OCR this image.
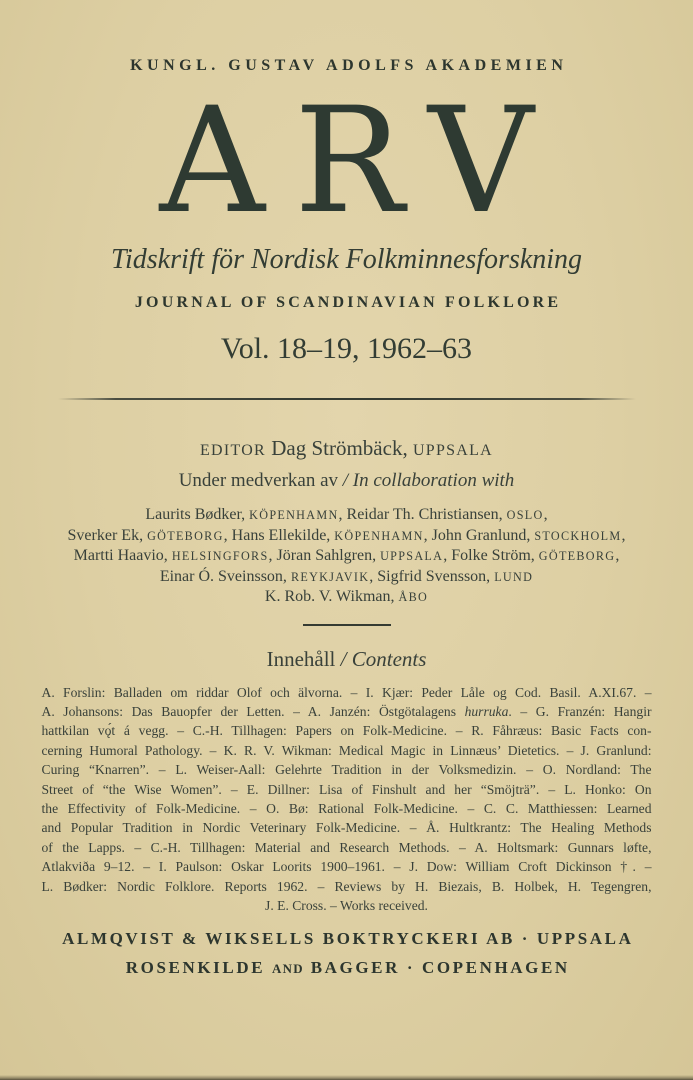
KUNGL. GUSTAV ADOLFS AKADEMIEN
ARV
Tidskrift för Nordisk Folkminnesforskning
JOURNAL OF SCANDINAVIAN FOLKLORE
Vol. 18–19, 1962–63
EDITOR Dag Strömbäck, UPPSALA
Under medverkan av / In collaboration with
Laurits Bødker, KÖPENHAMN, Reidar Th. Christiansen, OSLO,
Sverker Ek, GÖTEBORG, Hans Ellekilde, KÖPENHAMN, John Granlund, STOCKHOLM,
Martti Haavio, HELSINGFORS, Jöran Sahlgren, UPPSALA, Folke Ström, GÖTEBORG,
Einar Ó. Sveinsson, REYKJAVIK, Sigfrid Svensson, LUND
K. Rob. V. Wikman, ÅBO
Innehåll / Contents
A. Forslin: Balladen om riddar Olof och älvorna. – I. Kjær: Peder Låle og Cod. Basil. A.XI.67. –
A. Johansons: Das Bauopfer der Letten. – A. Janzén: Östgötalagens hurruka. – G. Franzén: Hangir
hattkilan vǫ́t á vegg. – C.-H. Tillhagen: Papers on Folk-Medicine. – R. Fåhræus: Basic Facts con-
cerning Humoral Pathology. – K. R. V. Wikman: Medical Magic in Linnæus’ Dietetics. – J. Granlund:
Curing “Knarren”. – L. Weiser-Aall: Gelehrte Tradition in der Volksmedizin. – O. Nordland: The
Street of “the Wise Women”. – E. Dillner: Lisa of Finshult and her “Smöjträ”. – L. Honko: On
the Effectivity of Folk-Medicine. – O. Bø: Rational Folk-Medicine. – C. C. Matthiessen: Learned
and Popular Tradition in Nordic Veterinary Folk-Medicine. – Å. Hultkrantz: The Healing Methods
of the Lapps. – C.-H. Tillhagen: Material and Research Methods. – A. Holtsmark: Gunnars løfte,
Atlakviða 9–12. – I. Paulson: Oskar Loorits 1900–1961. – J. Dow: William Croft Dickinson †. –
L. Bødker: Nordic Folklore. Reports 1962. – Reviews by H. Biezais, B. Holbek, H. Tegengren,
J. E. Cross. – Works received.
ALMQVIST & WIKSELLS BOKTRYCKERI AB · UPPSALA
ROSENKILDE AND BAGGER · COPENHAGEN
